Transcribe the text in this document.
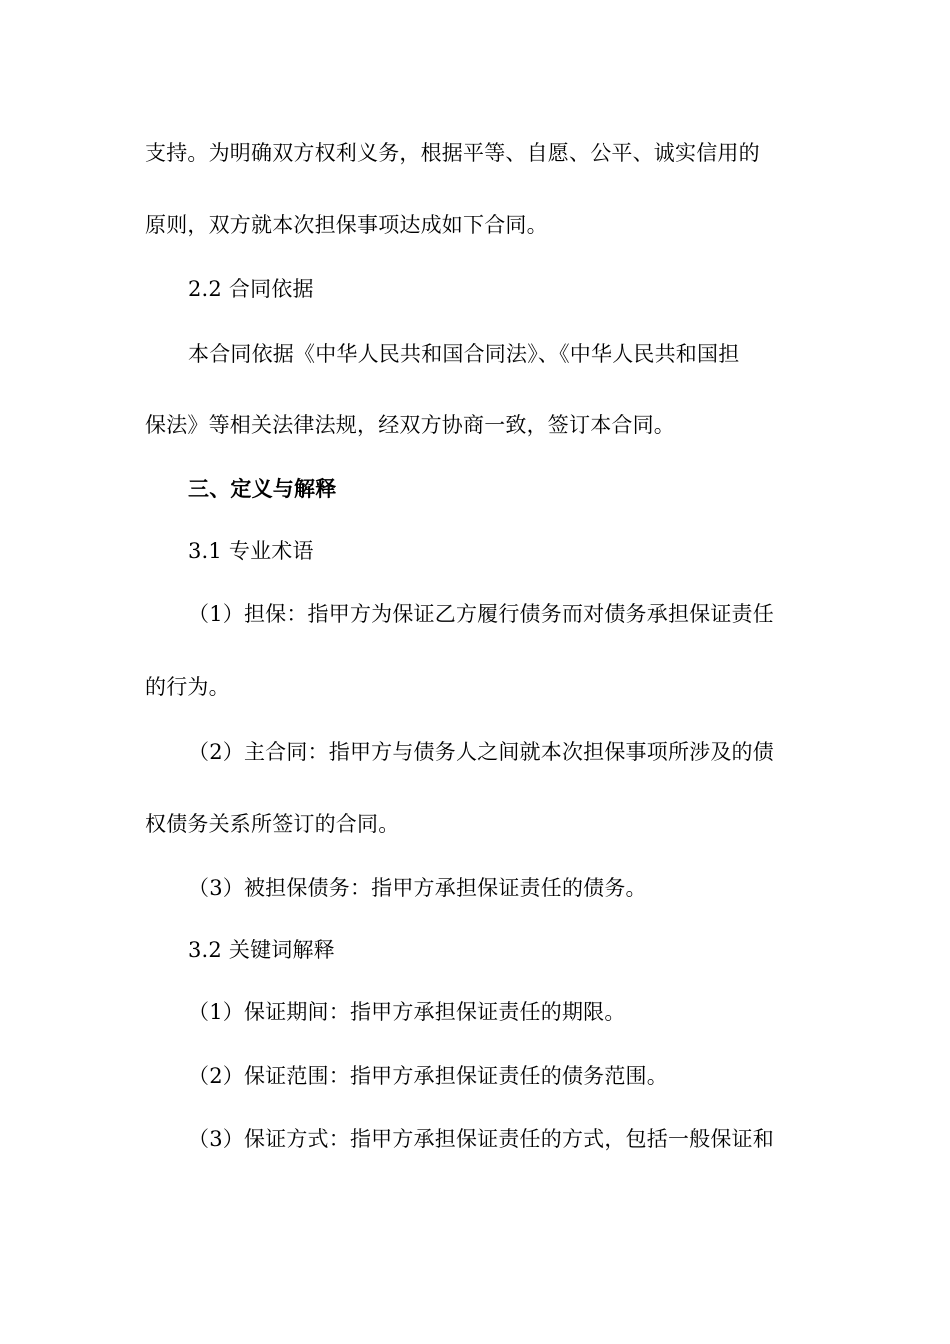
支持。为明确双方权利义务，根据平等、自愿、公平、诚实信用的
原则，双方就本次担保事项达成如下合同。
2.2 合同依据
本合同依据《中华人民共和国合同法》、《中华人民共和国担
保法》等相关法律法规，经双方协商一致，签订本合同。
三、定义与解释
3.1 专业术语
（1）担保：指甲方为保证乙方履行债务而对债务承担保证责任
的行为。
（2）主合同：指甲方与债务人之间就本次担保事项所涉及的债
权债务关系所签订的合同。
（3）被担保债务：指甲方承担保证责任的债务。
3.2 关键词解释
（1）保证期间：指甲方承担保证责任的期限。
（2）保证范围：指甲方承担保证责任的债务范围。
（3）保证方式：指甲方承担保证责任的方式，包括一般保证和
